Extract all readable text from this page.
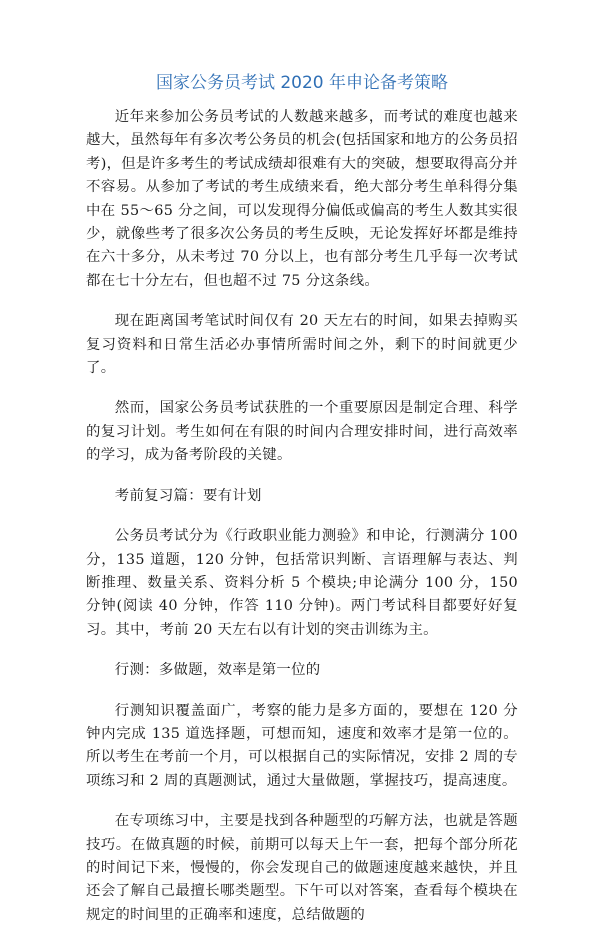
国家公务员考试 2020 年申论备考策略

近年来参加公务员考试的人数越来越多，而考试的难度也越来越大，虽然每年有多次考公务员的机会(包括国家和地方的公务员招考)，但是许多考生的考试成绩却很难有大的突破，想要取得高分并不容易。从参加了考试的考生成绩来看，绝大部分考生单科得分集中在 55～65 分之间，可以发现得分偏低或偏高的考生人数其实很少，就像些考了很多次公务员的考生反映，无论发挥好坏都是维持在六十多分，从未考过 70 分以上，也有部分考生几乎每一次考试都在七十分左右，但也超不过 75 分这条线。

现在距离国考笔试时间仅有 20 天左右的时间，如果去掉购买复习资料和日常生活必办事情所需时间之外，剩下的时间就更少了。

然而，国家公务员考试获胜的一个重要原因是制定合理、科学的复习计划。考生如何在有限的时间内合理安排时间，进行高效率的学习，成为备考阶段的关键。

考前复习篇：要有计划

公务员考试分为《行政职业能力测验》和申论，行测满分 100 分，135 道题，120 分钟，包括常识判断、言语理解与表达、判断推理、数量关系、资料分析 5 个模块;申论满分 100 分，150 分钟(阅读 40 分钟，作答 110 分钟)。两门考试科目都要好好复习。其中，考前 20 天左右以有计划的突击训练为主。

行测：多做题，效率是第一位的

行测知识覆盖面广，考察的能力是多方面的，要想在 120 分钟内完成 135 道选择题，可想而知，速度和效率才是第一位的。所以考生在考前一个月，可以根据自己的实际情况，安排 2 周的专项练习和 2 周的真题测试，通过大量做题，掌握技巧，提高速度。

在专项练习中，主要是找到各种题型的巧解方法，也就是答题技巧。在做真题的时候，前期可以每天上午一套，把每个部分所花的时间记下来，慢慢的，你会发现自己的做题速度越来越快，并且还会了解自己最擅长哪类题型。下午可以对答案，查看每个模块在规定的时间里的正确率和速度，总结做题的
